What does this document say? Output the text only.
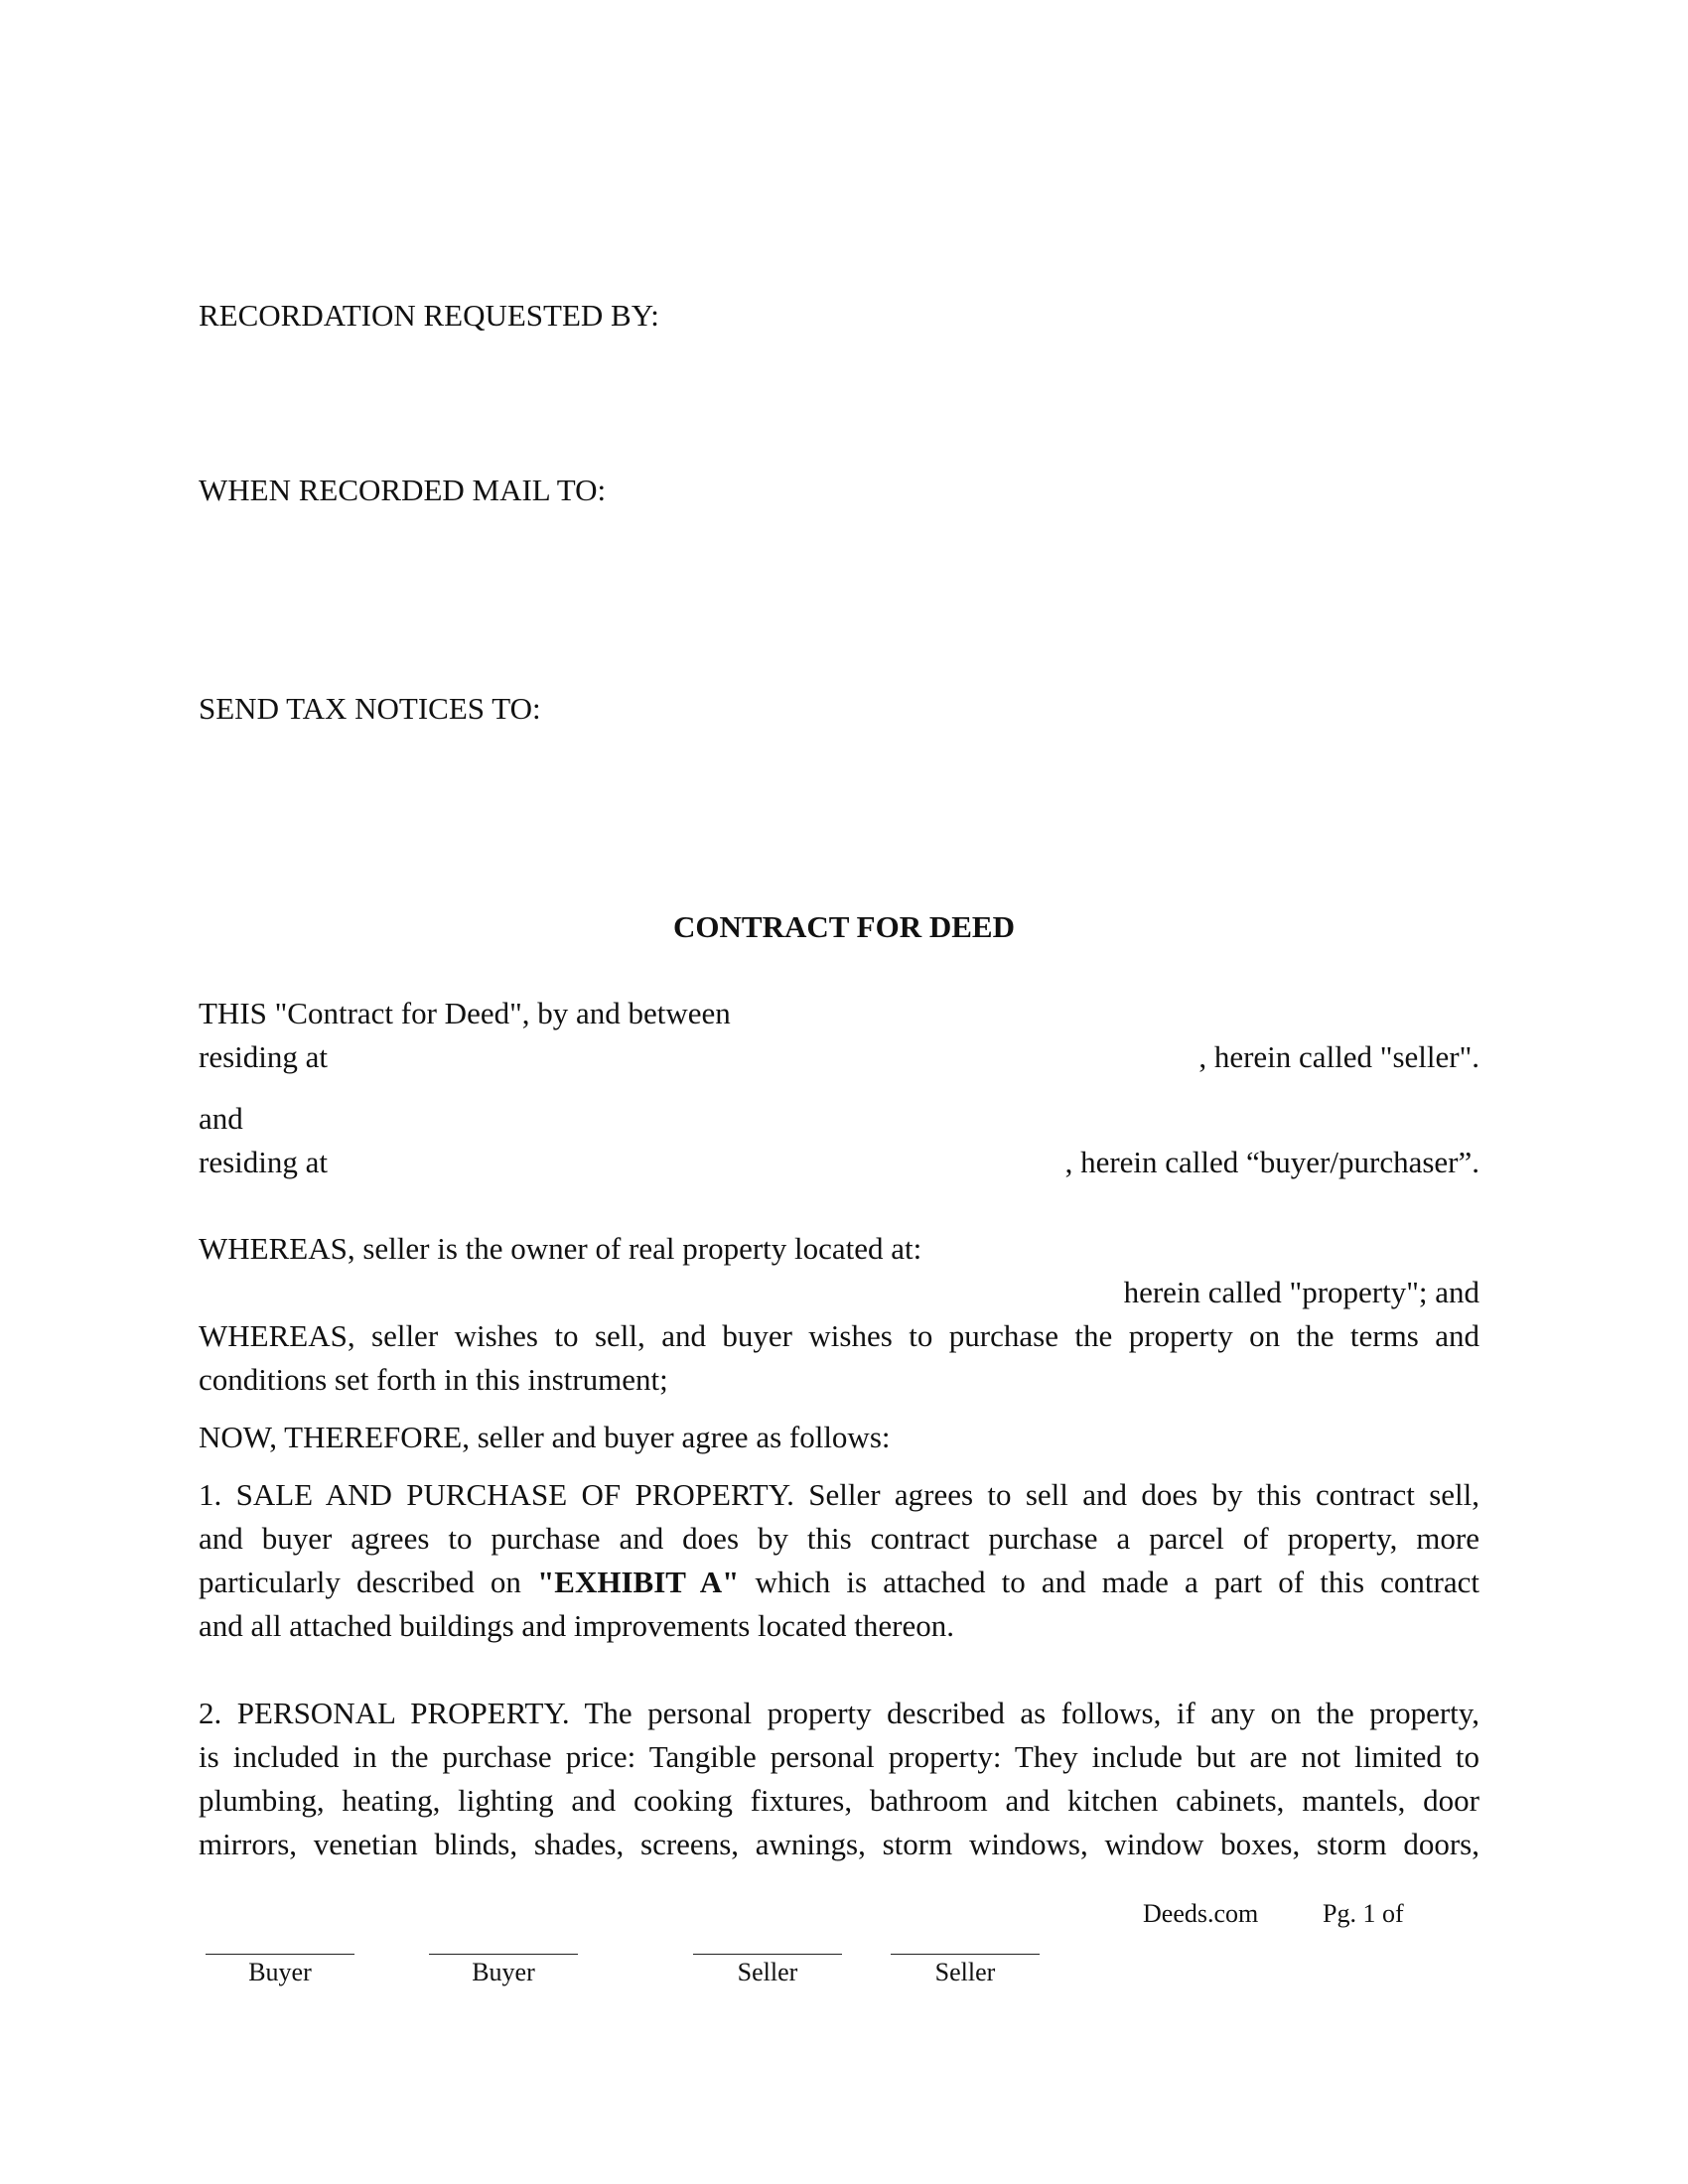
RECORDATION REQUESTED BY:
WHEN RECORDED MAIL TO:
SEND TAX NOTICES TO:
CONTRACT FOR DEED
THIS "Contract for Deed", by and between
residing at	, herein called "seller".
and
residing at	, herein called “buyer/purchaser”.
WHEREAS, seller is the owner of real property located at:
herein called "property"; and
WHEREAS, seller wishes to sell, and buyer wishes to purchase the property on the terms and
conditions set forth in this instrument;
NOW, THEREFORE, seller and buyer agree as follows:
1. SALE AND PURCHASE OF PROPERTY. Seller agrees to sell and does by this contract sell,
and buyer agrees to purchase and does by this contract purchase a parcel of property, more
particularly described on "EXHIBIT A" which is attached to and made a part of this contract
and all attached buildings and improvements located thereon.
2. PERSONAL PROPERTY. The personal property described as follows, if any on the property,
is included in the purchase price: Tangible personal property: They include but are not limited to
plumbing, heating, lighting and cooking fixtures, bathroom and kitchen cabinets, mantels, door
mirrors, venetian blinds, shades, screens, awnings, storm windows, window boxes, storm doors,
Deeds.com Pg. 1 of
Buyer	Buyer	Seller	Seller
